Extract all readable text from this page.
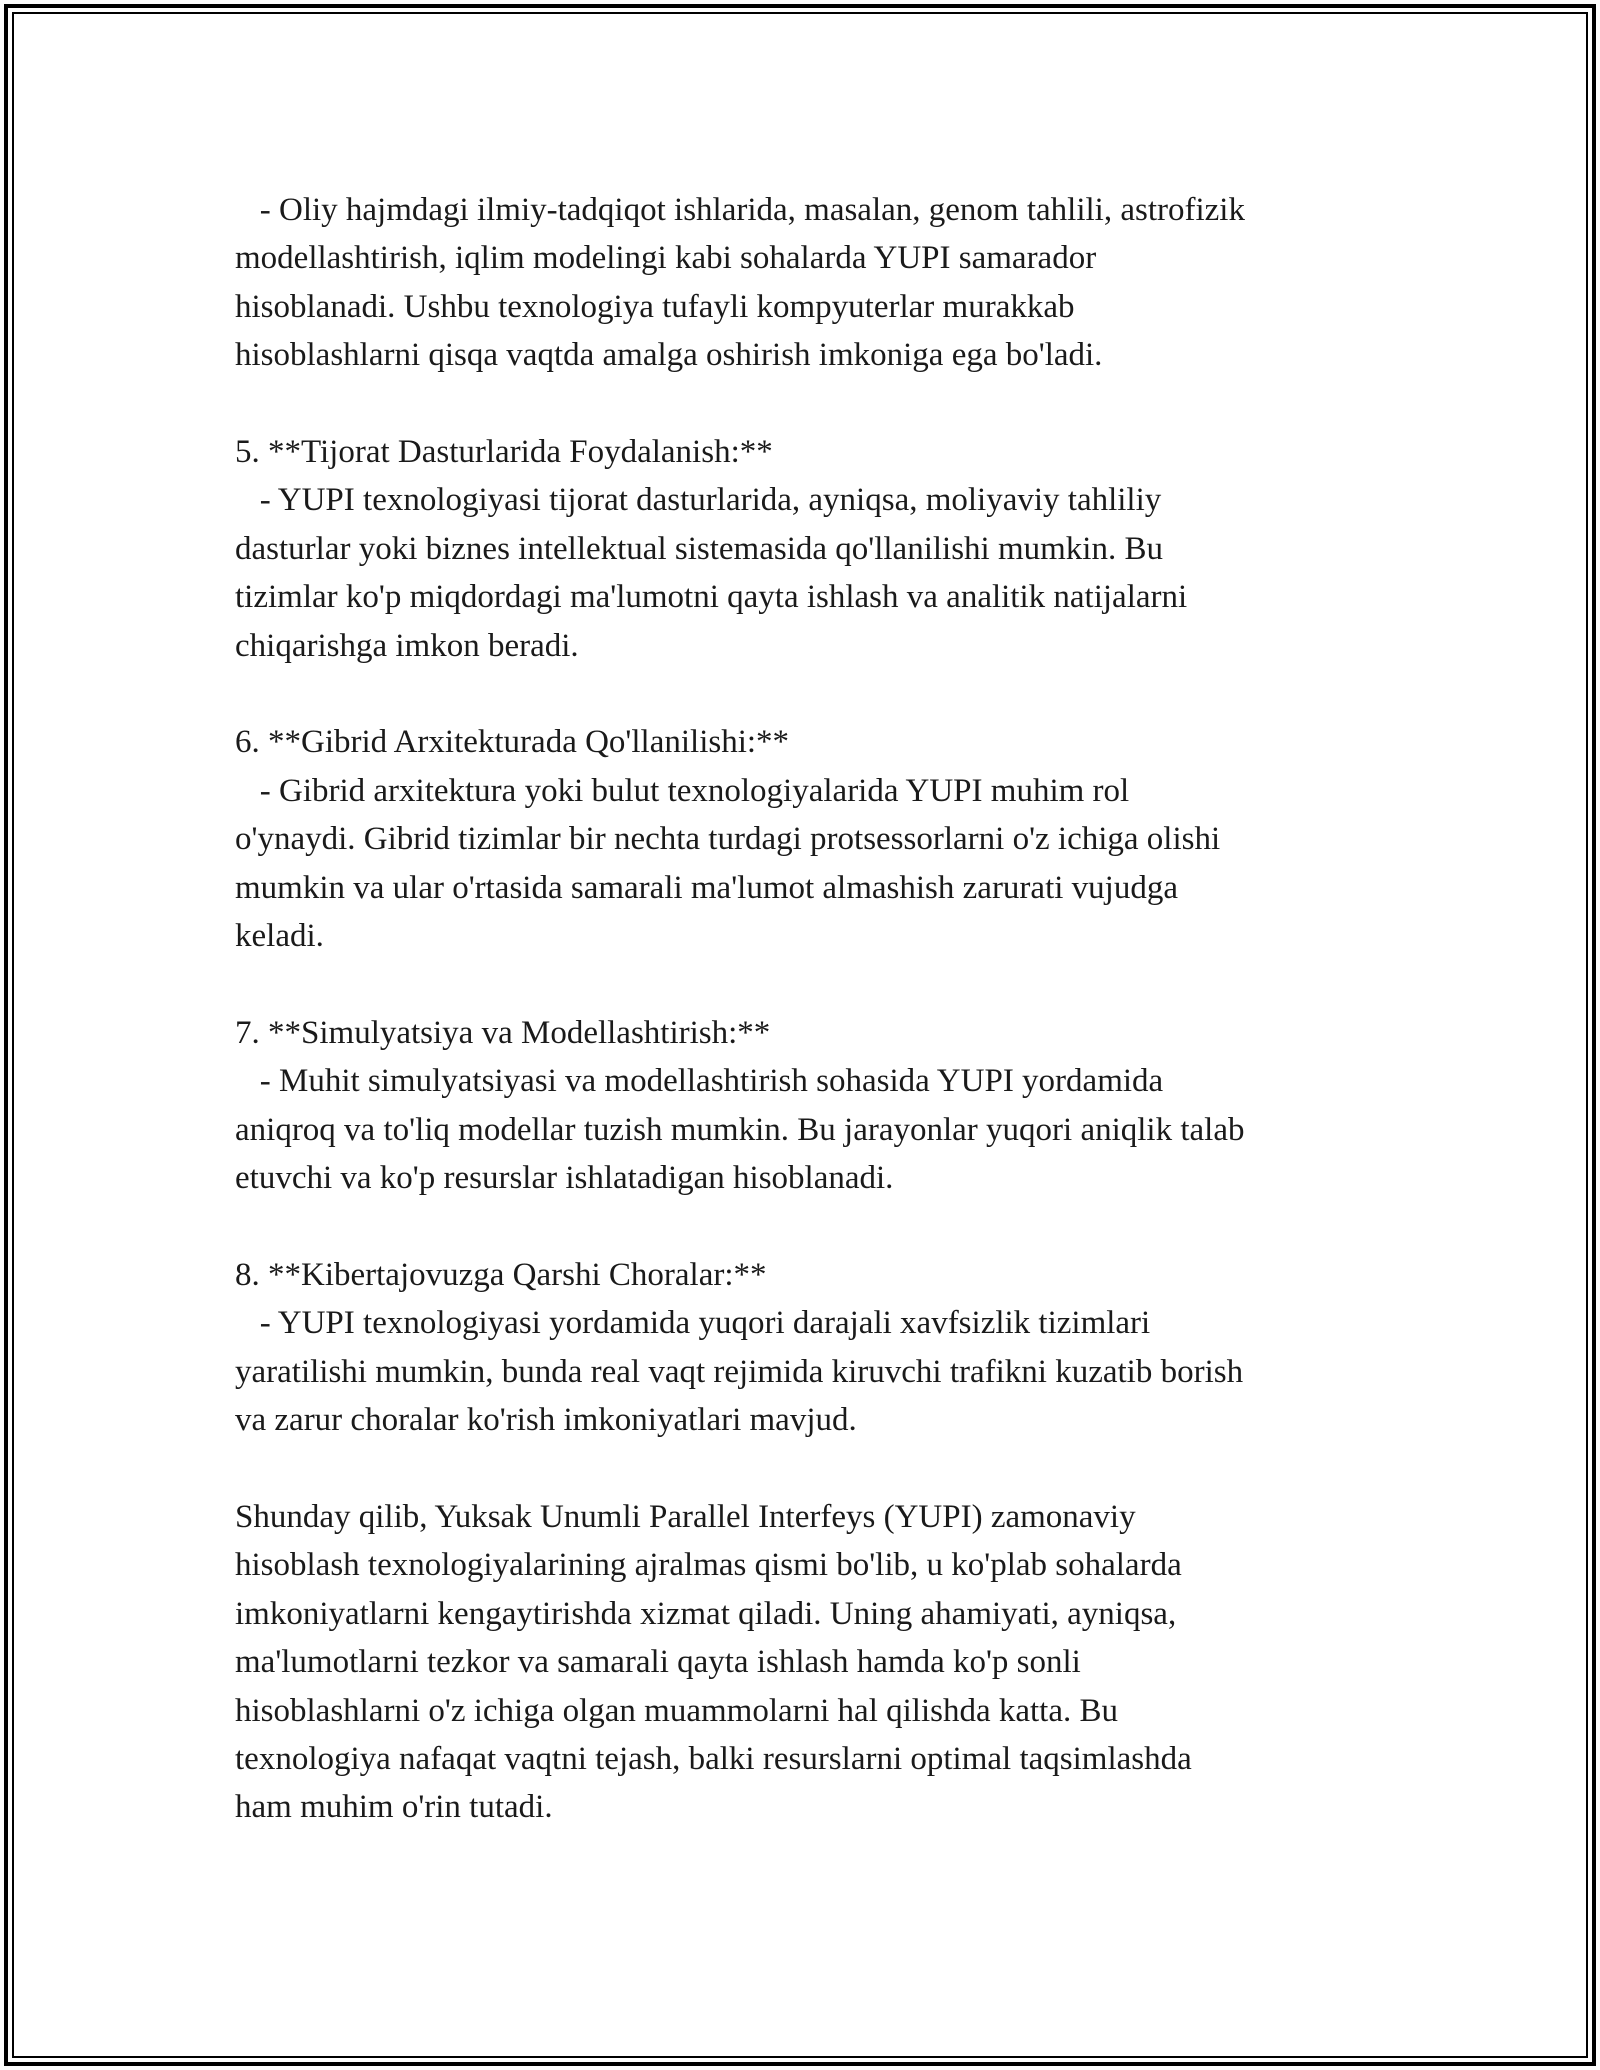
- Oliy hajmdagi ilmiy-tadqiqot ishlarida, masalan, genom tahlili, astrofizik
modellashtirish, iqlim modelingi kabi sohalarda YUPI samarador
hisoblanadi. Ushbu texnologiya tufayli kompyuterlar murakkab
hisoblashlarni qisqa vaqtda amalga oshirish imkoniga ega bo'ladi.
5. **Tijorat Dasturlarida Foydalanish:**
- YUPI texnologiyasi tijorat dasturlarida, ayniqsa, moliyaviy tahliliy
dasturlar yoki biznes intellektual sistemasida qo'llanilishi mumkin. Bu
tizimlar ko'p miqdordagi ma'lumotni qayta ishlash va analitik natijalarni
chiqarishga imkon beradi.
6. **Gibrid Arxitekturada Qo'llanilishi:**
- Gibrid arxitektura yoki bulut texnologiyalarida YUPI muhim rol
o'ynaydi. Gibrid tizimlar bir nechta turdagi protsessorlarni o'z ichiga olishi
mumkin va ular o'rtasida samarali ma'lumot almashish zarurati vujudga
keladi.
7. **Simulyatsiya va Modellashtirish:**
- Muhit simulyatsiyasi va modellashtirish sohasida YUPI yordamida
aniqroq va to'liq modellar tuzish mumkin. Bu jarayonlar yuqori aniqlik talab
etuvchi va ko'p resurslar ishlatadigan hisoblanadi.
8. **Kibertajovuzga Qarshi Choralar:**
- YUPI texnologiyasi yordamida yuqori darajali xavfsizlik tizimlari
yaratilishi mumkin, bunda real vaqt rejimida kiruvchi trafikni kuzatib borish
va zarur choralar ko'rish imkoniyatlari mavjud.
Shunday qilib, Yuksak Unumli Parallel Interfeys (YUPI) zamonaviy
hisoblash texnologiyalarining ajralmas qismi bo'lib, u ko'plab sohalarda
imkoniyatlarni kengaytirishda xizmat qiladi. Uning ahamiyati, ayniqsa,
ma'lumotlarni tezkor va samarali qayta ishlash hamda ko'p sonli
hisoblashlarni o'z ichiga olgan muammolarni hal qilishda katta. Bu
texnologiya nafaqat vaqtni tejash, balki resurslarni optimal taqsimlashda
ham muhim o'rin tutadi.
